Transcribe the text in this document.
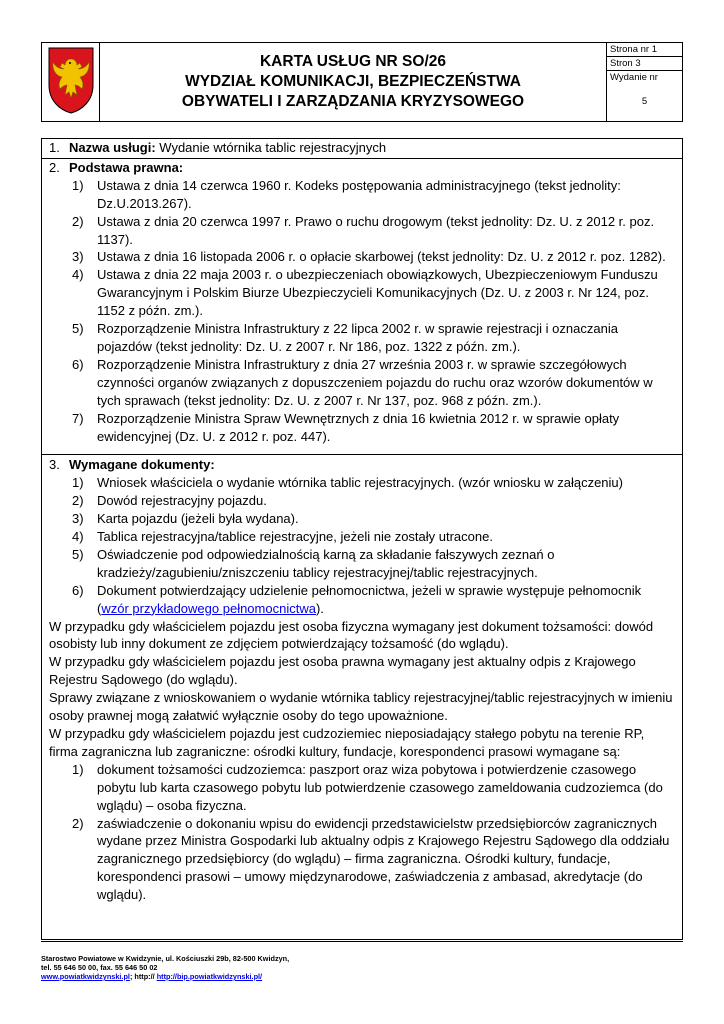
KARTA USŁUG NR SO/26
WYDZIAŁ KOMUNIKACJI, BEZPIECZEŃSTWA
OBYWATELI I ZARZĄDZANIA KRYZYSOWEGO

Strona nr 1
Stron 3
Wydanie nr
5
1. Nazwa usługi: Wydanie wtórnika tablic rejestracyjnych
2. Podstawa prawna:
1) Ustawa z dnia 14 czerwca 1960 r. Kodeks postępowania administracyjnego (tekst jednolity: Dz.U.2013.267).
2) Ustawa z dnia 20 czerwca 1997 r. Prawo o ruchu drogowym (tekst jednolity: Dz. U. z 2012 r. poz. 1137).
3) Ustawa z dnia 16 listopada 2006 r. o opłacie skarbowej (tekst jednolity: Dz. U. z 2012 r. poz. 1282).
4) Ustawa z dnia 22 maja 2003 r. o ubezpieczeniach obowiązkowych, Ubezpieczeniowym Funduszu Gwarancyjnym i Polskim Biurze Ubezpieczycieli Komunikacyjnych (Dz. U. z 2003 r. Nr 124, poz. 1152 z późn. zm.).
5) Rozporządzenie Ministra Infrastruktury z 22 lipca 2002 r. w sprawie rejestracji i oznaczania pojazdów (tekst jednolity: Dz. U. z 2007 r. Nr 186, poz. 1322 z późn. zm.).
6) Rozporządzenie Ministra Infrastruktury z dnia 27 września 2003 r. w sprawie szczegółowych czynności organów związanych z dopuszczeniem pojazdu do ruchu oraz wzorów dokumentów w tych sprawach (tekst jednolity: Dz. U. z 2007 r. Nr 137, poz. 968 z późn. zm.).
7) Rozporządzenie Ministra Spraw Wewnętrznych z dnia 16 kwietnia 2012 r. w sprawie opłaty ewidencyjnej (Dz. U. z 2012 r. poz. 447).
3. Wymagane dokumenty:
1) Wniosek właściciela o wydanie wtórnika tablic rejestracyjnych. (wzór wniosku w załączeniu)
2) Dowód rejestracyjny pojazdu.
3) Karta pojazdu (jeżeli była wydana).
4) Tablica rejestracyjna/tablice rejestracyjne, jeżeli nie zostały utracone.
5) Oświadczenie pod odpowiedzialnością karną za składanie fałszywych zeznań o kradzieży/zagubieniu/zniszczeniu tablicy rejestracyjnej/tablic rejestracyjnych.
6) Dokument potwierdzający udzielenie pełnomocnictwa, jeżeli w sprawie występuje pełnomocnik (wzór przykładowego pełnomocnictwa).

W przypadku gdy właścicielem pojazdu jest osoba fizyczna wymagany jest dokument tożsamości: dowód osobisty lub inny dokument ze zdjęciem potwierdzający tożsamość (do wglądu).

W przypadku gdy właścicielem pojazdu jest osoba prawna wymagany jest aktualny odpis z Krajowego Rejestru Sądowego (do wglądu).

Sprawy związane z wnioskowaniem o wydanie wtórnika tablicy rejestracyjnej/tablic rejestracyjnych w imieniu osoby prawnej mogą załatwić wyłącznie osoby do tego upoważnione.

W przypadku gdy właścicielem pojazdu jest cudzoziemiec nieposiadający stałego pobytu na terenie RP, firma zagraniczna lub zagraniczne: ośrodki kultury, fundacje, korespondenci prasowi wymagane są:

1) dokument tożsamości cudzoziemca: paszport oraz wiza pobytowa i potwierdzenie czasowego pobytu lub karta czasowego pobytu lub potwierdzenie czasowego zameldowania cudzoziemca (do wglądu) – osoba fizyczna.
2) zaświadczenie o dokonaniu wpisu do ewidencji przedstawicielstw przedsiębiorców zagranicznych wydane przez Ministra Gospodarki lub aktualny odpis z Krajowego Rejestru Sądowego dla oddziału zagranicznego przedsiębiorcy (do wglądu) – firma zagraniczna. Ośrodki kultury, fundacje, korespondenci prasowi – umowy międzynarodowe, zaświadczenia z ambasad, akredytacje (do wglądu).
Starostwo Powiatowe w Kwidzynie, ul. Kościuszki 29b, 82-500 Kwidzyn,
tel. 55 646 50 00, fax. 55 646 50 02
www.powiatkwidzynski.pl; http:// http://bip.powiatkwidzynski.pl/
